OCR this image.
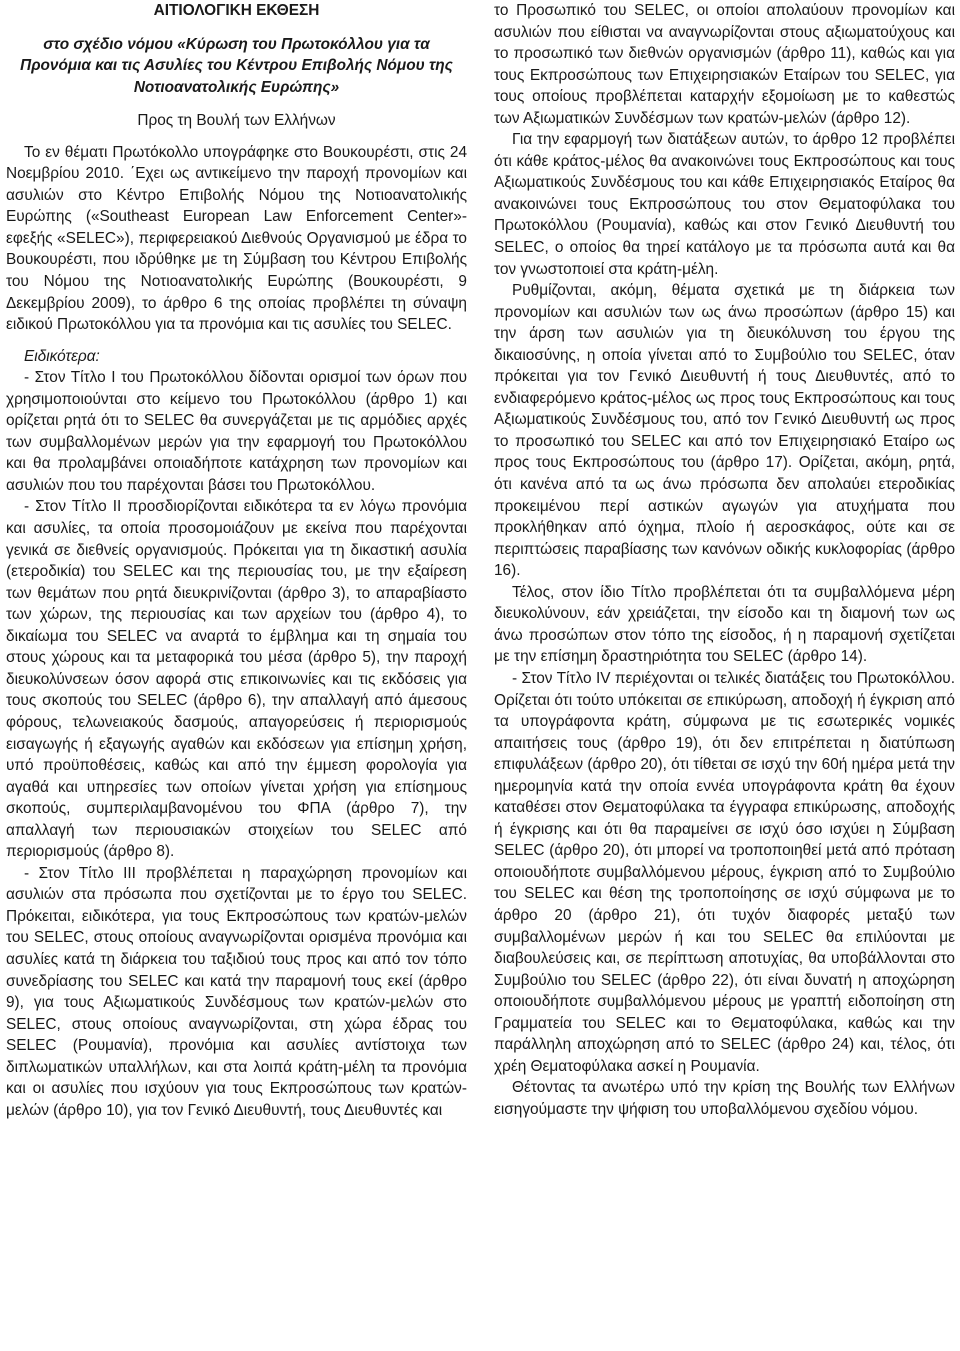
ΑΙΤΙΟΛΟΓΙΚΗ ΕΚΘΕΣΗ

στο σχέδιο νόμου «Κύρωση του Πρωτοκόλλου για τα Προνόμια και τις Ασυλίες του Κέντρου Επιβολής Νόμου της Νοτιοανατολικής Ευρώπης»

Προς τη Βουλή των Ελλήνων

Το εν θέματι Πρωτόκολλο υπογράφηκε στο Βουκουρέστι, στις 24 Νοεμβρίου 2010. ΄Εχει ως αντικείμενο την παροχή προνομίων και ασυλιών στο Κέντρο Επιβολής Νόμου της Νοτιοανατολικής Ευρώπης («Southeast European Law Enforcement Center»- εφεξής «SELEC»), περιφερειακού Διεθνούς Οργανισμού με έδρα το Βουκουρέστι, που ιδρύθηκε με τη Σύμβαση του Κέντρου Επιβολής του Νόμου της Νοτιοανατολικής Ευρώπης (Βουκουρέστι, 9 Δεκεμβρίου 2009), το άρθρο 6 της οποίας προβλέπει τη σύναψη ειδικού Πρωτοκόλλου για τα προνόμια και τις ασυλίες του SELEC.

Ειδικότερα:

- Στον Τίτλο Ι του Πρωτοκόλλου δίδονται ορισμοί των όρων που χρησιμοποιούνται στο κείμενο του Πρωτοκόλλου (άρθρο 1) και ορίζεται ρητά ότι το SELEC θα συνεργάζεται με τις αρμόδιες αρχές των συμβαλλομένων μερών για την εφαρμογή του Πρωτοκόλλου και θα προλαμβάνει οποιαδήποτε κατάχρηση των προνομίων και ασυλιών που του παρέχονται βάσει του Πρωτοκόλλου.

- Στον Τίτλο ΙΙ προσδιορίζονται ειδικότερα τα εν λόγω προνόμια και ασυλίες, τα οποία προσομοιάζουν με εκείνα που παρέχονται γενικά σε διεθνείς οργανισμούς. Πρόκειται για τη δικαστική ασυλία (ετεροδικία) του SELEC και της περιουσίας του, με την εξαίρεση των θεμάτων που ρητά διευκρινίζονται (άρθρο 3), το απαραβίαστο των χώρων, της περιουσίας και των αρχείων του (άρθρο 4), το δικαίωμα του SELEC να αναρτά το έμβλημα και τη σημαία του στους χώρους και τα μεταφορικά του μέσα (άρθρο 5), την παροχή διευκολύνσεων όσον αφορά στις επικοινωνίες και τις εκδόσεις για τους σκοπούς του SELEC (άρθρο 6), την απαλλαγή από άμεσους φόρους, τελωνειακούς δασμούς, απαγορεύσεις ή περιορισμούς εισαγωγής ή εξαγωγής αγαθών και εκδόσεων για επίσημη χρήση, υπό προϋποθέσεις, καθώς και από την έμμεση φορολογία για αγαθά και υπηρεσίες των οποίων γίνεται χρήση για επίσημους σκοπούς, συμπεριλαμβανομένου του ΦΠΑ (άρθρο 7), την απαλλαγή των περιουσιακών στοιχείων του SELEC από περιορισμούς (άρθρο 8).

- Στον Τίτλο ΙΙΙ προβλέπεται η παραχώρηση προνομίων και ασυλιών στα πρόσωπα που σχετίζονται με το έργο του SELEC. Πρόκειται, ειδικότερα, για τους Εκπροσώπους των κρατών-μελών του SELEC, στους οποίους αναγνωρίζονται ορισμένα προνόμια και ασυλίες κατά τη διάρκεια του ταξιδιού τους προς και από τον τόπο συνεδρίασης του SELEC και κατά την παραμονή τους εκεί (άρθρο 9), για τους Αξιωματικούς Συνδέσμους των κρατών-μελών στο SELEC, στους οποίους αναγνωρίζονται, στη χώρα έδρας του SELEC (Ρουμανία), προνόμια και ασυλίες αντίστοιχα των διπλωματικών υπαλλήλων, και στα λοιπά κράτη-μέλη τα προνόμια και οι ασυλίες που ισχύουν για τους Εκπροσώπους των κρατών-μελών (άρθρο 10), για τον Γενικό Διευθυντή, τους Διευθυντές και

το Προσωπικό του SELEC, οι οποίοι απολαύουν προνομίων και ασυλιών που είθισται να αναγνωρίζονται στους αξιωματούχους και το προσωπικό των διεθνών οργανισμών (άρθρο 11), καθώς και για τους Εκπροσώπους των Επιχειρησιακών Εταίρων του SELEC, για τους οποίους προβλέπεται καταρχήν εξομοίωση με το καθεστώς των Αξιωματικών Συνδέσμων των κρατών-μελών (άρθρο 12).

Για την εφαρμογή των διατάξεων αυτών, το άρθρο 12 προβλέπει ότι κάθε κράτος-μέλος θα ανακοινώνει τους Εκπροσώπους και τους Αξιωματικούς Συνδέσμους του και κάθε Επιχειρησιακός Εταίρος θα ανακοινώνει τους Εκπροσώπους του στον Θεματοφύλακα του Πρωτοκόλλου (Ρουμανία), καθώς και στον Γενικό Διευθυντή του SELEC, ο οποίος θα τηρεί κατάλογο με τα πρόσωπα αυτά και θα τον γνωστοποιεί στα κράτη-μέλη.

Ρυθμίζονται, ακόμη, θέματα σχετικά με τη διάρκεια των προνομίων και ασυλιών των ως άνω προσώπων (άρθρο 15) και την άρση των ασυλιών για τη διευκόλυνση του έργου της δικαιοσύνης, η οποία γίνεται από το Συμβούλιο του SELEC, όταν πρόκειται για τον Γενικό Διευθυντή ή τους Διευθυντές, από το ενδιαφερόμενο κράτος-μέλος ως προς τους Εκπροσώπους και τους Αξιωματικούς Συνδέσμους του, από τον Γενικό Διευθυντή ως προς το προσωπικό του SELEC και από τον Επιχειρησιακό Εταίρο ως προς τους Εκπροσώπους του (άρθρο 17). Ορίζεται, ακόμη, ρητά, ότι κανένα από τα ως άνω πρόσωπα δεν απολαύει ετεροδικίας προκειμένου περί αστικών αγωγών για ατυχήματα που προκλήθηκαν από όχημα, πλοίο ή αεροσκάφος, ούτε και σε περιπτώσεις παραβίασης των κανόνων οδικής κυκλοφορίας (άρθρο 16).

Τέλος, στον ίδιο Τίτλο προβλέπεται ότι τα συμβαλλόμενα μέρη διευκολύνουν, εάν χρειάζεται, την είσοδο και τη διαμονή των ως άνω προσώπων στον τόπο της είσοδος, ή η παραμονή σχετίζεται με την επίσημη δραστηριότητα του SELEC (άρθρο 14).

- Στον Τίτλο IV περιέχονται οι τελικές διατάξεις του Πρωτοκόλλου. Ορίζεται ότι τούτο υπόκειται σε επικύρωση, αποδοχή ή έγκριση από τα υπογράφοντα κράτη, σύμφωνα με τις εσωτερικές νομικές απαιτήσεις τους (άρθρο 19), ότι δεν επιτρέπεται η διατύπωση επιφυλάξεων (άρθρο 20), ότι τίθεται σε ισχύ την 60ή ημέρα μετά την ημερομηνία κατά την οποία εννέα υπογράφοντα κράτη θα έχουν καταθέσει στον Θεματοφύλακα τα έγγραφα επικύρωσης, αποδοχής ή έγκρισης και ότι θα παραμείνει σε ισχύ όσο ισχύει η Σύμβαση SELEC (άρθρο 20), ότι μπορεί να τροποποιηθεί μετά από πρόταση οποιουδήποτε συμβαλλόμενου μέρους, έγκριση από το Συμβούλιο του SELEC και θέση της τροποποίησης σε ισχύ σύμφωνα με το άρθρο 20 (άρθρο 21), ότι τυχόν διαφορές μεταξύ των συμβαλλομένων μερών ή και του SELEC θα επιλύονται με διαβουλεύσεις και, σε περίπτωση αποτυχίας, θα υποβάλλονται στο Συμβούλιο του SELEC (άρθρο 22), ότι είναι δυνατή η αποχώρηση οποιουδήποτε συμβαλλόμενου μέρους με γραπτή ειδοποίηση στη Γραμματεία του SELEC και το Θεματοφύλακα, καθώς και την παράλληλη αποχώρηση από το SELEC (άρθρο 24) και, τέλος, ότι χρέη Θεματοφύλακα ασκεί η Ρουμανία.

Θέτοντας τα ανωτέρω υπό την κρίση της Βουλής των Ελλήνων εισηγούμαστε την ψήφιση του υποβαλλόμενου σχεδίου νόμου.
